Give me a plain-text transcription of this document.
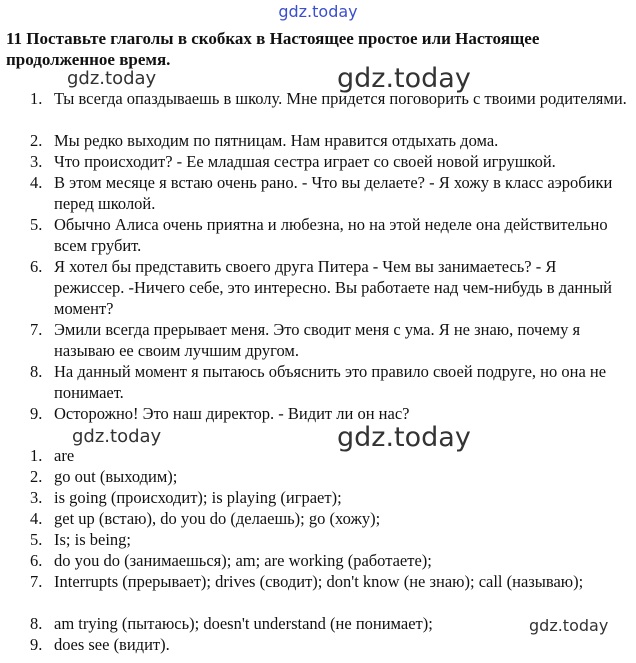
gdz.today
11 Поставьте глаголы в скобках в Настоящее простое или Настоящее продолженное время.
gdz.today	gdz.today
1. Ты всегда опаздываешь в школу. Мне придется поговорить с твоими родителями.
2. Мы редко выходим по пятницам. Нам нравится отдыхать дома.
3. Что происходит? - Ее младшая сестра играет со своей новой игрушкой.
4. В этом месяце я встаю очень рано. - Что вы делаете? - Я хожу в класс аэробики перед школой.
5. Обычно Алиса очень приятна и любезна, но на этой неделе она действительно всем грубит.
6. Я хотел бы представить своего друга Питера - Чем вы занимаетесь? - Я режиссер. -Ничего себе, это интересно. Вы работаете над чем-нибудь в данный момент?
7. Эмили всегда прерывает меня. Это сводит меня с ума. Я не знаю, почему я называю ее своим лучшим другом.
8. На данный момент я пытаюсь объяснить это правило своей подруге, но она не понимает.
9. Осторожно! Это наш директор. - Видит ли он нас?
gdz.today	gdz.today
1. are
2. go out (выходим);
3. is going (происходит); is playing (играет);
4. get up (встаю), do you do (делаешь); go (хожу);
5. Is; is being;
6. do you do (занимаешься); am; are working (работаете);
7. Interrupts (прерывает); drives (сводит); don't know (не знаю); call (называю);
8. am trying (пытаюсь); doesn't understand (не понимает);
9. does see (видит).
gdz.today
